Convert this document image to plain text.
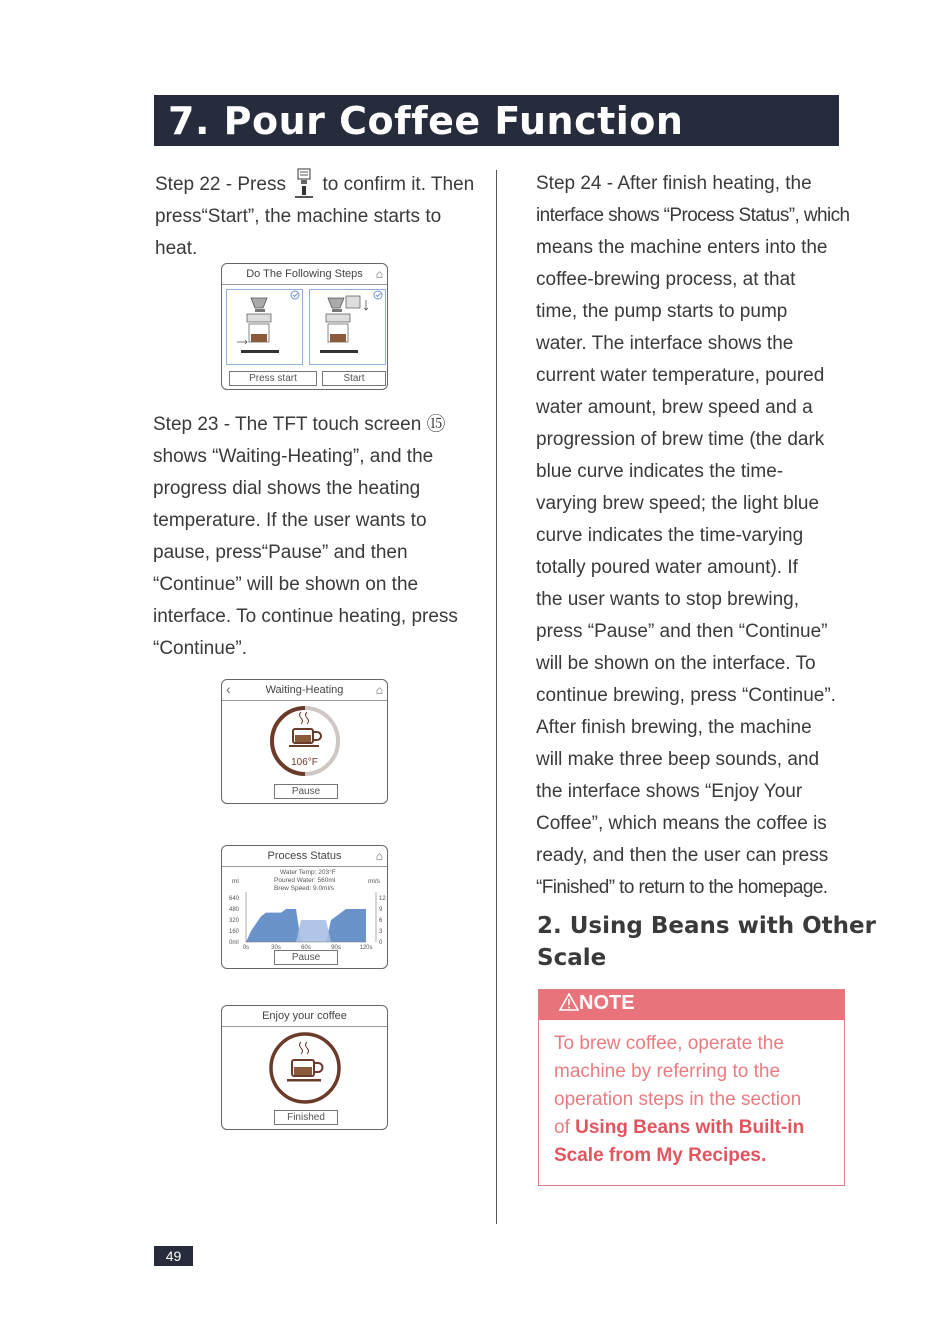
7. Pour Coffee Function

Step 22 - Press to confirm it. Then

press“Start”, the machine starts to

heat.

Do The Following Steps	⌂
Press start	Start

Step 23 - The TFT touch screen ⑮

shows “Waiting-Heating”, and the

progress dial shows the heating

temperature. If the user wants to

pause, press“Pause” and then

“Continue” will be shown on the

interface. To continue heating, press

“Continue”.

‹	Waiting-Heating	⌂
106°F
Pause
Process Status	⌂
Water Temp: 203°F
Poured Water: 560ml
Brew Speed: 9.0ml/s
ml	ml/s
0ml
160
320
480
640
0
3
6
9
12
0s	30s	60s	90s	120s
Pause
Enjoy your coffee
Finished

Step 24 - After finish heating, the

interface shows “Process Status”, which

means the machine enters into the

coffee-brewing process, at that

time, the pump starts to pump

water. The interface shows the

current water temperature, poured

water amount, brew speed and a

progression of brew time (the dark

blue curve indicates the time-

varying brew speed; the light blue

curve indicates the time-varying

totally poured water amount). If

the user wants to stop brewing,

press “Pause” and then “Continue”

will be shown on the interface. To

continue brewing, press “Continue”.

After finish brewing, the machine

will make three beep sounds, and

the interface shows “Enjoy Your

Coffee”, which means the coffee is

ready, and then the user can press

“Finished” to return to the homepage.

2. Using Beans with Other
Scale
NOTE
To brew coffee, operate the
machine by referring to the
operation steps in the section
of Using Beans with Built-in
Scale from My Recipes.
49
